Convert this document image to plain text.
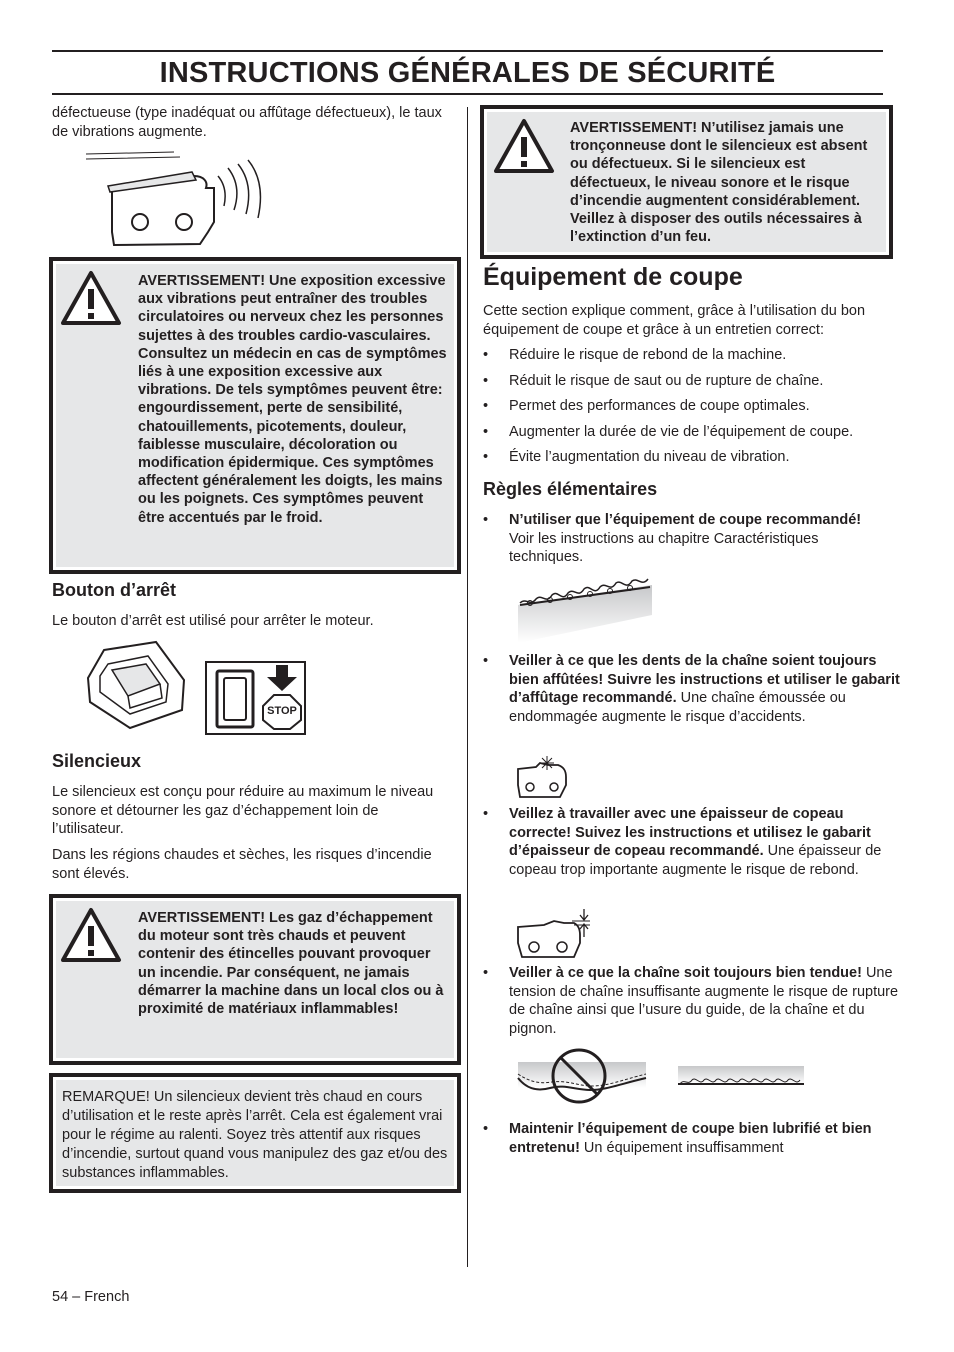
INSTRUCTIONS GÉNÉRALES DE SÉCURITÉ

défectueuse (type inadéquat ou affûtage défectueux), le taux de vibrations augmente.

AVERTISSEMENT! Une exposition excessive aux vibrations peut entraîner des troubles circulatoires ou nerveux chez les personnes sujettes à des troubles cardio-vasculaires. Consultez un médecin en cas de symptômes liés à une exposition excessive aux vibrations. De tels symptômes peuvent être: engourdissement, perte de sensibilité, chatouillements, picotements, douleur, faiblesse musculaire, décoloration ou modification épidermique. Ces symptômes affectent généralement les doigts, les mains ou les poignets. Ces symptômes peuvent être accentués par le froid.

Bouton d’arrêt

Le bouton d’arrêt est utilisé pour arrêter le moteur.

STOP
Silencieux

Le silencieux est conçu pour réduire au maximum le niveau sonore et détourner les gaz d’échappement loin de l’utilisateur.

Dans les régions chaudes et sèches, les risques d’incendie sont élevés.

AVERTISSEMENT! Les gaz d’échappement du moteur sont très chauds et peuvent contenir des étincelles pouvant provoquer un incendie. Par conséquent, ne jamais démarrer la machine dans un local clos ou à proximité de matériaux inflammables!

REMARQUE! Un silencieux devient très chaud en cours d’utilisation et le reste après l’arrêt. Cela est également vrai pour le régime au ralenti. Soyez très attentif aux risques d’incendie, surtout quand vous manipulez des gaz et/ou des substances inflammables.

AVERTISSEMENT! N’utilisez jamais une tronçonneuse dont le silencieux est absent ou défectueux. Si le silencieux est défectueux, le niveau sonore et le risque d’incendie augmentent considérablement. Veillez à disposer des outils nécessaires à l’extinction d’un feu.

Équipement de coupe

Cette section explique comment, grâce à l’utilisation du bon équipement de coupe et grâce à un entretien correct:

• Réduire le risque de rebond de la machine.
• Réduit le risque de saut ou de rupture de chaîne.
• Permet des performances de coupe optimales.
• Augmenter la durée de vie de l’équipement de coupe.
• Évite l’augmentation du niveau de vibration.
Règles élémentaires
• N’utiliser que l’équipement de coupe recommandé! Voir les instructions au chapitre Caractéristiques techniques.
• Veiller à ce que les dents de la chaîne soient toujours bien affûtées! Suivre les instructions et utiliser le gabarit d’affûtage recommandé. Une chaîne émoussée ou endommagée augmente le risque d’accidents.
• Veillez à travailler avec une épaisseur de copeau correcte! Suivez les instructions et utilisez le gabarit d’épaisseur de copeau recommandé. Une épaisseur de copeau trop importante augmente le risque de rebond.
• Veiller à ce que la chaîne soit toujours bien tendue! Une tension de chaîne insuffisante augmente le risque de rupture de chaîne ainsi que l’usure du guide, de la chaîne et du pignon.
• Maintenir l’équipement de coupe bien lubrifié et bien entretenu! Un équipement insuffisamment
54 – French
